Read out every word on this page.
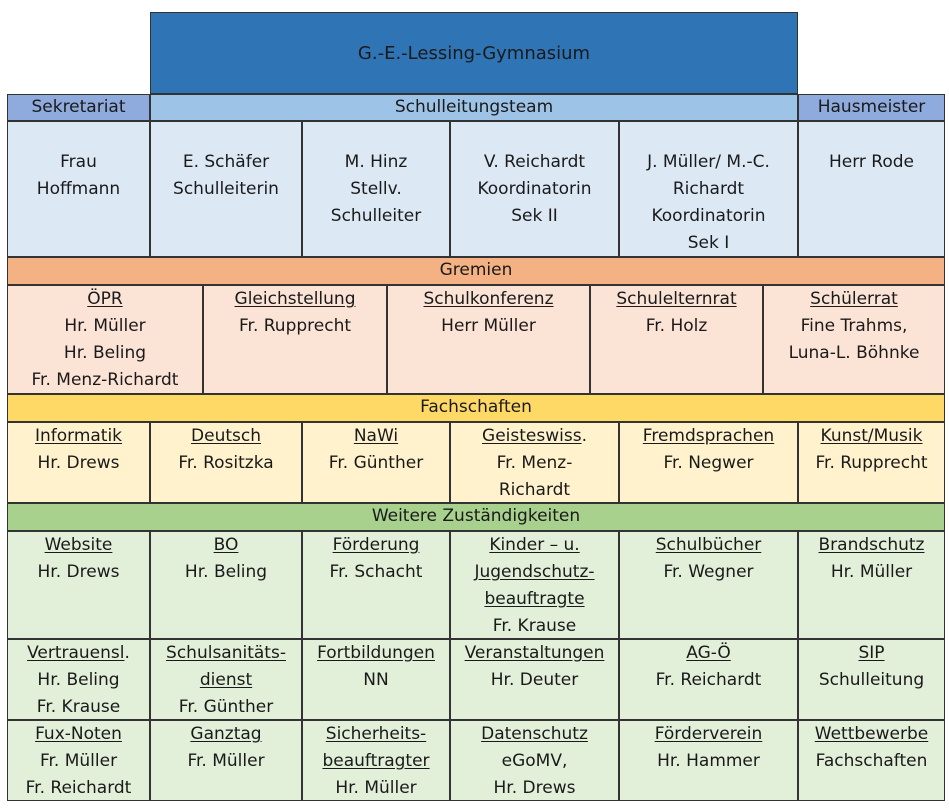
G.-E.-Lessing-Gymnasium
Sekretariat	Schulleitungsteam	Hausmeister
Frau
Hoffmann
E. Schäfer
Schulleiterin
M. Hinz
Stellv.
Schulleiter
V. Reichardt
Koordinatorin
Sek II
J. Müller/ M.-C.
Richardt
Koordinatorin
Sek I
Herr Rode
Gremien
ÖPR
Hr. Müller
Hr. Beling
Fr. Menz-Richardt
Gleichstellung
Fr. Rupprecht
Schulkonferenz
Herr Müller
Schulelternrat
Fr. Holz
Schülerrat
Fine Trahms,
Luna-L. Böhnke
Fachschaften
Informatik
Hr. Drews
Deutsch
Fr. Rositzka
NaWi
Fr. Günther
Geisteswiss.
Fr. Menz-
Richardt
Fremdsprachen
Fr. Negwer
Kunst/Musik
Fr. Rupprecht
Weitere Zuständigkeiten
Website
Hr. Drews
BO
Hr. Beling
Förderung
Fr. Schacht
Kinder – u.
Jugendschutz-
beauftragte
Fr. Krause
Schulbücher
Fr. Wegner
Brandschutz
Hr. Müller
Vertrauensl.
Hr. Beling
Fr. Krause
Schulsanitäts-
dienst
Fr. Günther
Fortbildungen
NN
Veranstaltungen
Hr. Deuter
AG-Ö
Fr. Reichardt
SIP
Schulleitung
Fux-Noten
Fr. Müller
Fr. Reichardt
Ganztag
Fr. Müller
Sicherheits-
beauftragter
Hr. Müller
Datenschutz
eGoMV,
Hr. Drews
Förderverein
Hr. Hammer
Wettbewerbe
Fachschaften
